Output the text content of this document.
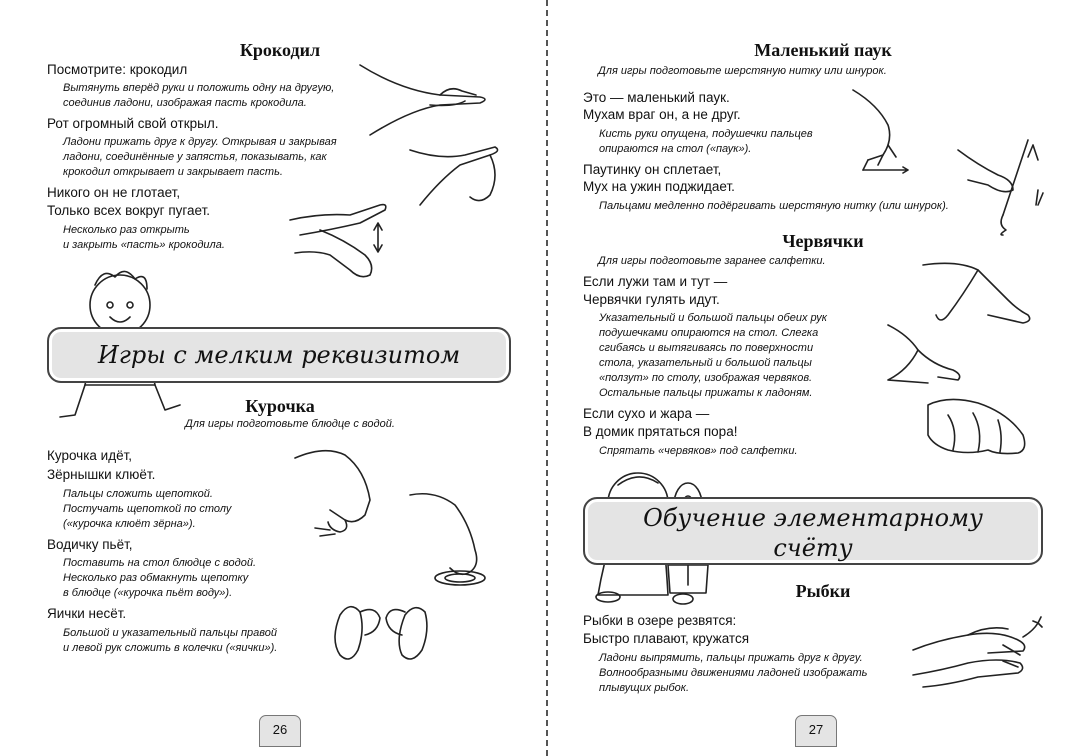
Крокодил
Посмотрите: крокодил
Вытянуть вперёд руки и положить одну на другую,
соединив ладони, изображая пасть крокодила.
Рот огромный свой открыл.
Ладони прижать друг к другу. Открывая и закрывая
ладони, соединённые у запястья, показывать, как
крокодил открывает и закрывает пасть.
Никого он не глотает,
Только всех вокруг пугает.
Несколько раз открыть
и закрыть «пасть» крокодила.
Игры с мелким реквизитом
Курочка
Для игры подготовьте блюдце с водой.
Курочка идёт,
Зёрнышки клюёт.
Пальцы сложить щепоткой.
Постучать щепоткой по столу
(«курочка клюёт зёрна»).
Водичку пьёт,
Поставить на стол блюдце с водой.
Несколько раз обмакнуть щепотку
в блюдце («курочка пьёт воду»).
Яички несёт.
Большой и указательный пальцы правой
и левой рук сложить в колечки («яички»).
26
Маленький паук
Для игры подготовьте шерстяную нитку или шнурок.
Это — маленький паук.
Мухам враг он, а не друг.
Кисть руки опущена, подушечки пальцев
опираются на стол («паук»).
Паутинку он сплетает,
Мух на ужин поджидает.
Пальцами медленно подёргивать шерстяную нитку (или шнурок).
Червячки
Для игры подготовьте заранее салфетки.
Если лужи там и тут —
Червячки гулять идут.
Указательный и большой пальцы обеих рук
подушечками опираются на стол. Слегка
сгибаясь и вытягиваясь по поверхности
стола, указательный и большой пальцы
«ползут» по столу, изображая червяков.
Остальные пальцы прижаты к ладоням.
Если сухо и жара —
В домик прятаться пора!
Спрятать «червяков» под салфетки.
Обучение элементарному
счёту
Рыбки
Рыбки в озере резвятся:
Быстро плавают, кружатся
Ладони выпрямить, пальцы прижать друг к другу.
Волнообразными движениями ладоней изображать
плывущих рыбок.
27
